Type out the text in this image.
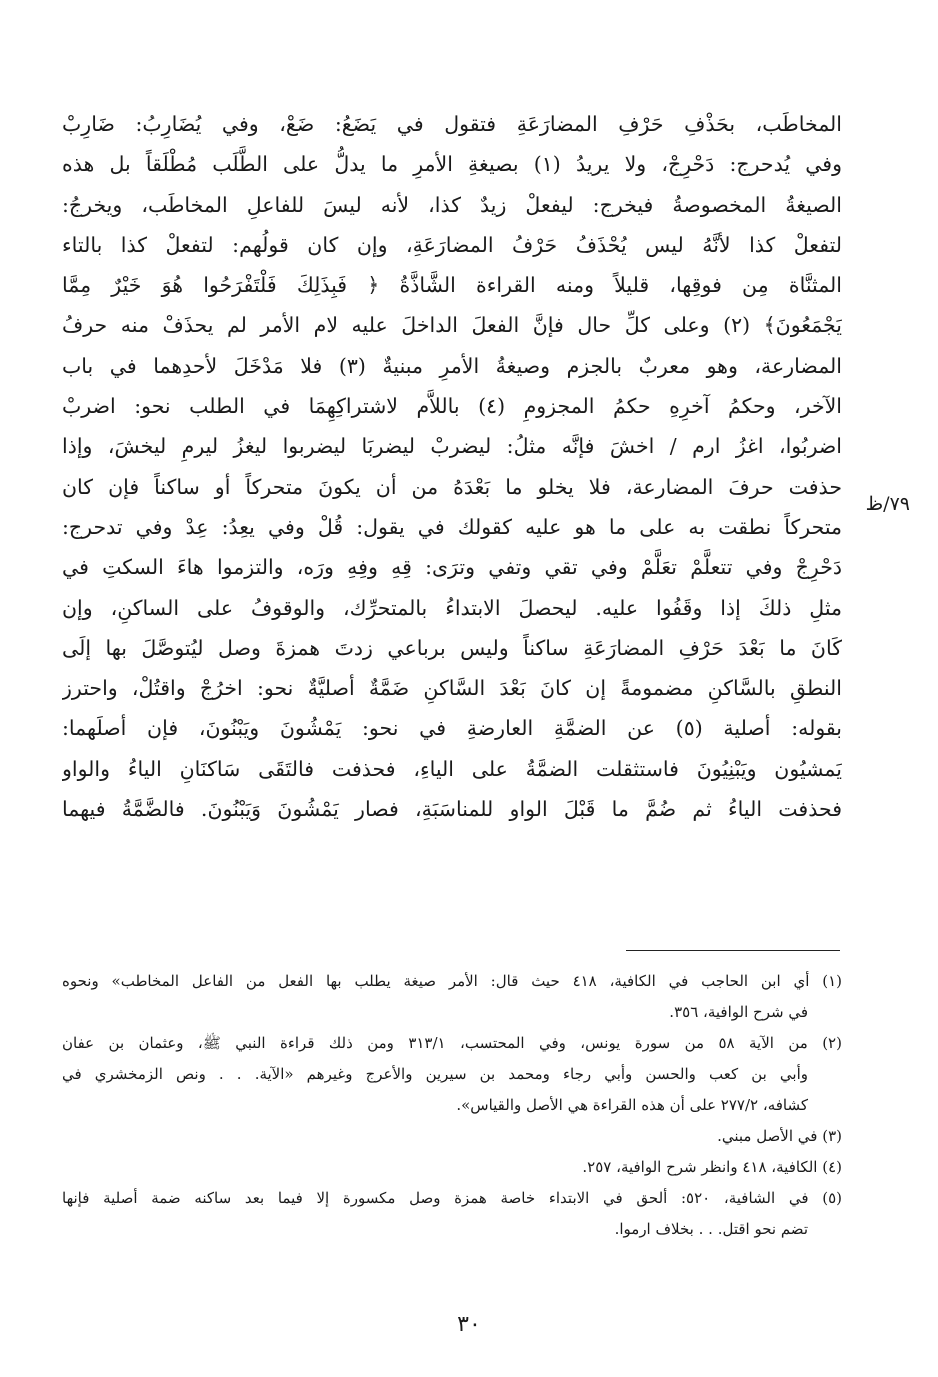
المخاطَب، بحَذْفِ حَرْفِ المضارَعَةِ فتقول في يَضَعُ: ضَعْ، وفي يُضَارِبُ: ضَارِبْ
وفي يُدحرج: دَحْرِجْ، ولا يريدُ (١) بصيغةِ الأمرِ ما يدلُّ على الطَّلَب مُطْلَقاً بل هذه
الصيغةُ المخصوصةُ فيخرج: ليفعلْ زيدٌ كذا، لأنه ليسَ للفاعلِ المخاطَب، ويخرجُ:
لتفعلْ كذا لأنَّهُ ليس يُحْذَفُ حَرْفُ المضارَعَةِ، وإن كان قولُهم: لتفعلْ كذا بالتاء
المثنَّاة مِن فوقِها، قليلاً ومنه القراءة الشَّاذَّةُ ﴿ فَبِذَلِكَ فَلْتَفْرَحُوا هُوَ خَيْرٌ مِمَّا
يَجْمَعُونَ﴾ (٢) وعلى كلِّ حال فإنَّ الفعلَ الداخلَ عليه لام الأمر لم يحذَفْ منه حرفُ
المضارعة، وهو معربٌ بالجزم وصيغةُ الأمرِ مبنيةٌ (٣) فلا مَدْخَلَ لأحدِهما في باب
الآخر، وحكمُ آخرِهِ حكمُ المجزومِ (٤) باللاَّم لاشتراكِهِمَا في الطلب نحو: اضربْ
اضربُوا، اغزُ ارم / اخشَ فإنَّه مثلُ: ليضربْ ليضربَا ليضربوا ليغزُ ليرمِ ليخشَ، وإذا
حذفت حرفَ المضارعة، فلا يخلو ما بَعْدَهُ من أن يكونَ متحركاً أو ساكناً فإن كان
متحركاً نطقت به على ما هو عليه كقولك في يقول: قُلْ وفي يعِدُ: عِدْ وفي تدحرج:
دَحْرِجْ وفي تتعلَّمْ تعَلَّمْ وفي تقي وتفي وترَى: قِهِ وفِهِ ورَه، والتزموا هاءَ السكتِ في
مثلِ ذلكَ إذا وقَفُوا عليه. ليحصلَ الابتداءُ بالمتحرِّك، والوقوفُ على الساكنِ، وإن
كَانَ ما بَعْدَ حَرْفِ المضارَعَةِ ساكناً وليس برباعي زدتَ همزةَ وصل ليُتوصَّلَ بها إلَى
النطقِ بالسَّاكنِ مضمومةً إن كانَ بَعْدَ السَّاكنِ ضَمَّةٌ أصليَّةٌ نحو: اخرُجْ واقتُلْ، واحترز
بقوله: أصلية (٥) عن الضمَّةِ العارضةِ في نحو: يَمْشُونَ ويَبْنُونَ، فإن أصلَهما:
يَمشيُون ويَبْنِيُونَ فاستثقلت الضمَّةُ على الياءِ، فحذفت فالتَقَى سَاكنَانِ الياءُ والواو
فحذفت الياءُ ثم ضُمَّ ما قَبْلَ الواو للمناسَبَةِ، فصار يَمْشُونَ وَيَبْنُونَ. فالضَّمَّةُ فيهما
٧٩/ظ
(١) أي ابن الحاجب في الكافية، ٤١٨ حيث قال: الأمر صيغة يطلب بها الفعل من الفاعل المخاطب» ونحوه
في شرح الوافية، ٣٥٦.
(٢) من الآية ٥٨ من سورة يونس، وفي المحتسب، ٣١٣/١ ومن ذلك قراءة النبي ﷺ، وعثمان بن عفان
وأبي بن كعب والحسن وأبي رجاء ومحمد بن سيرين والأعرج وغيرهم «الآية. . . ونص الزمخشري في
كشافه، ٢٧٧/٢ على أن هذه القراءة هي الأصل والقياس».
(٣) في الأصل مبني.
(٤) الكافية، ٤١٨ وانظر شرح الوافية، ٢٥٧.
(٥) في الشافية، ٥٢٠: ألحق في الابتداء خاصة همزة وصل مكسورة إلا فيما بعد ساكنه ضمة أصلية فإنها
تضم نحو اقتل. . . بخلاف ارموا.
٣٠
